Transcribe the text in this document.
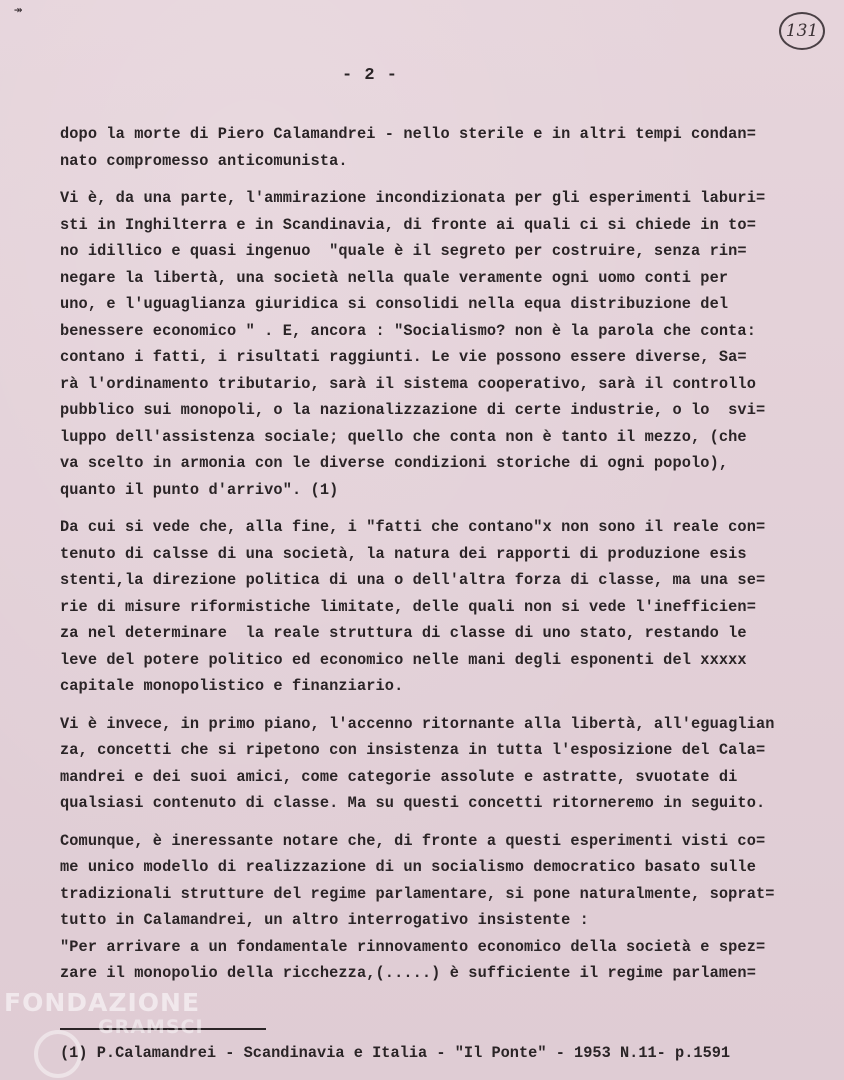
↠
131
- 2 -
dopo la morte di Piero Calamandrei - nello sterile e in altri tempi condan=
nato compromesso anticomunista.
Vi è, da una parte, l'ammirazione incondizionata per gli esperimenti laburi=
sti in Inghilterra e in Scandinavia, di fronte ai quali ci si chiede in to=
no idillico e quasi ingenuo  "quale è il segreto per costruire, senza rin=
negare la libertà, una società nella quale veramente ogni uomo conti per
uno, e l'uguaglianza giuridica si consolidi nella equa distribuzione del
benessere economico " . E, ancora : "Socialismo? non è la parola che conta:
contano i fatti, i risultati raggiunti. Le vie possono essere diverse, Sa=
rà l'ordinamento tributario, sarà il sistema cooperativo, sarà il controllo
pubblico sui monopoli, o la nazionalizzazione di certe industrie, o lo  svi=
luppo dell'assistenza sociale; quello che conta non è tanto il mezzo, (che
va scelto in armonia con le diverse condizioni storiche di ogni popolo),
quanto il punto d'arrivo". (1)
Da cui si vede che, alla fine, i "fatti che contano"x non sono il reale con=
tenuto di calsse di una società, la natura dei rapporti di produzione esis
stenti,la direzione politica di una o dell'altra forza di classe, ma una se=
rie di misure riformistiche limitate, delle quali non si vede l'inefficien=
za nel determinare  la reale struttura di classe di uno stato, restando le
leve del potere politico ed economico nelle mani degli esponenti del xxxxx
capitale monopolistico e finanziario.
Vi è invece, in primo piano, l'accenno ritornante alla libertà, all'eguaglian
za, concetti che si ripetono con insistenza in tutta l'esposizione del Cala=
mandrei e dei suoi amici, come categorie assolute e astratte, svuotate di
qualsiasi contenuto di classe. Ma su questi concetti ritorneremo in seguito.
Comunque, è ineressante notare che, di fronte a questi esperimenti visti co=
me unico modello di realizzazione di un socialismo democratico basato sulle
tradizionali strutture del regime parlamentare, si pone naturalmente, soprat=
tutto in Calamandrei, un altro interrogativo insistente :
"Per arrivare a un fondamentale rinnovamento economico della società e spez=
zare il monopolio della ricchezza,(.....) è sufficiente il regime parlamen=
(1) P.Calamandrei - Scandinavia e Italia - "Il Ponte" - 1953 N.11- p.1591
FONDAZIONE
GRAMSCI
